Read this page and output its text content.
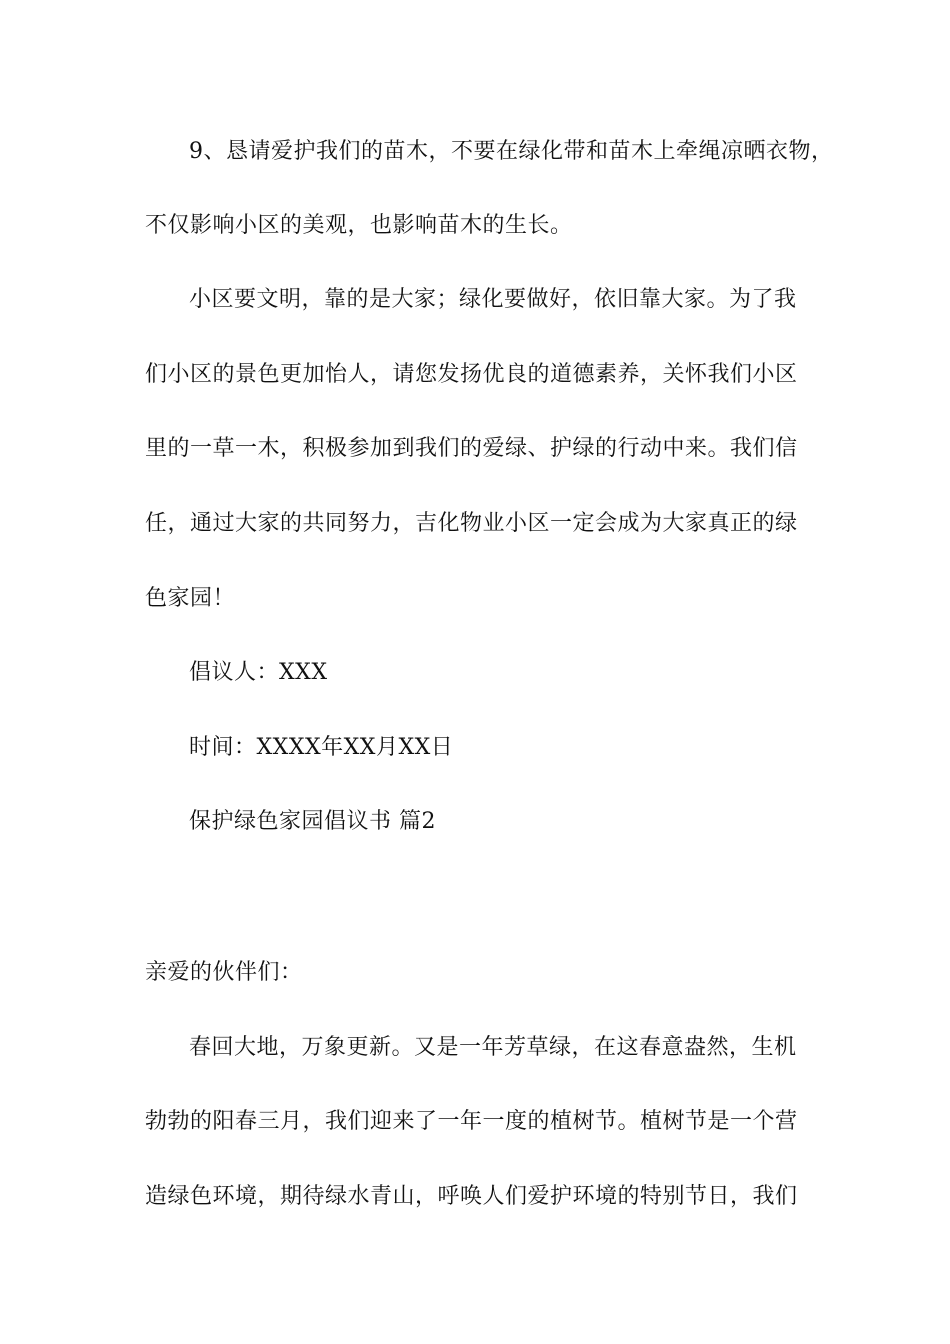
9、恳请爱护我们的苗木，不要在绿化带和苗木上牵绳凉晒衣物，
不仅影响小区的美观，也影响苗木的生长。
小区要文明，靠的是大家；绿化要做好，依旧靠大家。为了我
们小区的景色更加怡人，请您发扬优良的道德素养，关怀我们小区
里的一草一木，积极参加到我们的爱绿、护绿的行动中来。我们信
任，通过大家的共同努力，吉化物业小区一定会成为大家真正的绿
色家园！
倡议人：XXX
时间：XXXX年XX月XX日
保护绿色家园倡议书 篇2
亲爱的伙伴们：
春回大地，万象更新。又是一年芳草绿，在这春意盎然，生机
勃勃的阳春三月，我们迎来了一年一度的植树节。植树节是一个营
造绿色环境，期待绿水青山，呼唤人们爱护环境的特别节日，我们
